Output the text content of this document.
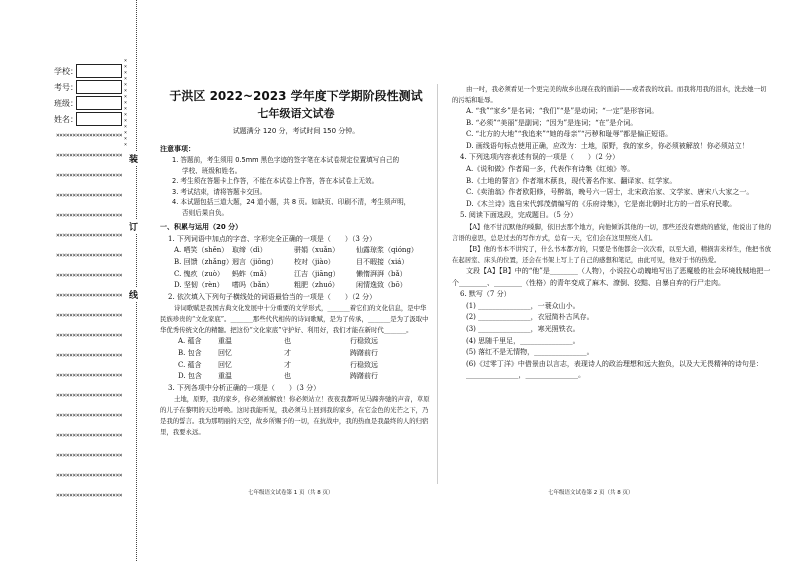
学校：
考号：
班级：
姓名：
× × × × × × × × × × × × × × ×
××××××××××××××××××××
××××××××××××××××××××
××××××××××××××××××××
××××××××××××××××××××
××××××××××××××××××××
××××××××××××××××××××
××××××××××××××××××××
××××××××××××××××××××
××××××××××××××××××××
××××××××××××××××××××
××××××××××××××××××××
××××××××××××××××××××
××××××××××××××××××××
××××××××××××××××××××
××××××××××××××××××××
××××××××××××××××××××
××××××××××××××××××××
××××××××××××××××××××
××××××××××××××××××××
装
订
线
于洪区 2022~2023 学年度下学期阶段性测试
七年级语文试卷
试题满分 120 分，考试时间 150 分钟。
注意事项：
1. 答题前，考生须用 0.5mm 黑色字迹的签字笔在本试卷规定位置填写自己的
学校、班级和姓名。
2. 考生须在答题卡上作答，不能在本试卷上作答，答在本试卷上无效。
3. 考试结束，请将答题卡交回。
4. 本试题包括三道大题，24 道小题，共 8 页。如缺页、印刷不清，考生须声明，
否则后果自负。
一、积累与运用（20 分）
1. 下列词语中加点的字音、字形完全正确的一项是（　　）（3 分）
A. 哂笑（shěn） 取缔（dì）	骈娟（xuǎn）	仙露琼浆（qióng）
B. 回馈（zhǎng） 迥言（jiǒng）	校对（jiào）	目不暇接（xiá）
C. 愧疚（zuò）	蚂蚱（mǎ）	江吉（jiāng）	懒惰湃湃（bǎ）
D. 坚韧（rèn）	嗜吗（bǎn）	粗肥（zhuó）	闲情逸致（bō）
2. 依次填入下列句子横线处的词语最恰当的一项是（　　）（2 分）
诗词歌赋是我国古典文化发展中十分重要的文学形式，_______着它们的文化信息，是中华民族珍贵的“文化家底”。_______那些代代相传的诗词歌赋，是为了传承，_______是为了汲取中华优秀传统文化的精髓。把这份“文化家底”守护好、利用好，我们才能在新时代_______。
A. 蕴含	重温	也	行稳致远
B. 包含	回忆	才	踌躇前行
C. 蕴含	回忆	才	行稳致远
D. 包含	重温	也	踌躇前行
3. 下列各项中分析正确的一项是（　　）（3 分）
土地，原野，我的家乡，你必须被解放！你必须站立！夜夜我都听见马蹄奔驰的声音，草原的儿子在黎明的天边呼唤。这时我能听见，我必须马上回到我的家乡，在它金色的光芒之下，乃是我的誓言。我为那明丽的天空，故乡所赐予的一切，在抗战中，我的热血是我最终的人的归宿里，我要永远。
七年级语文试卷第 1 页（共 8 页）
由一吋，我必须看见一个更完美的故乡出现在我的面前——或者我的坟前。而我将用我的泪水，洗去她一切的污垢和耻辱。
A. “我”“家乡”是名词；“我们”“是”是动词；“一定”是形容词。
B. “必须”“美丽”是副词；“因为”是连词；“在”是介词。
C. “北方的大地”“我追来”“她的母亲”“污秽和耻辱”都是偏正短语。
D. 画线语句标点使用正确，应改为：土地，原野，我的家乡，你必须被解放！你必须站立！
4. 下列选项内容表述有误的一项是（　　）（2 分）
A.《说和做》作者闻一多，代表作有诗集《红烛》等。
B.《土地的誓言》作者端木蕻良，现代著名作家、翻译家、红学家。
C.《卖油翁》作者欧阳修，号醉翁，晚号六一居士，北宋政治家、文学家、唐宋八大家之一。
D.《木兰诗》选自宋代郭茂倩编写的《乐府诗集》，它是南北朝时北方的一首乐府民歌。
5. 阅读下面选段，完成题目。（5 分）
【A】他不甘沉默他的嗓脚，依旧去那个地方，向他倾诉其他的一切，那些还没有燃烧的感觉，他说出了他的言语的意思，总是过去的写作方式，总有一天，它们会在这里照亮人们。
【B】他的书本不讲究了，什么书本都方的，只要是书他都会一次次看，以至大道，精损害来样生，他把书放在起居室、床头的位置，还会在书架上写上了自己的感想和笔记，由此可见，他对于书的热爱。
文段【A】【B】中的“他”是________（人物），小说拉心动魄地写出了恶魔般的社会环境戕贼地把一个________、________（性格）的青年变成了麻木、潦倒、狡黠、自暴自弃的行尸走肉。
6. 默写（7 分）
(1) _______________，一蓑众山小。
(2) _______________，衣冠简朴古风存。
(3) _______________，寒光照铁衣。
(4) 思随千里足，_______________。
(5) 落红不是无情物，_______________。
(6)《过零丁洋》中借景由以言志，表现诗人的政治理想和远大抱负，以及大无畏精神的诗句是：_______________，_______________。
七年级语文试卷第 2 页（共 8 页）
